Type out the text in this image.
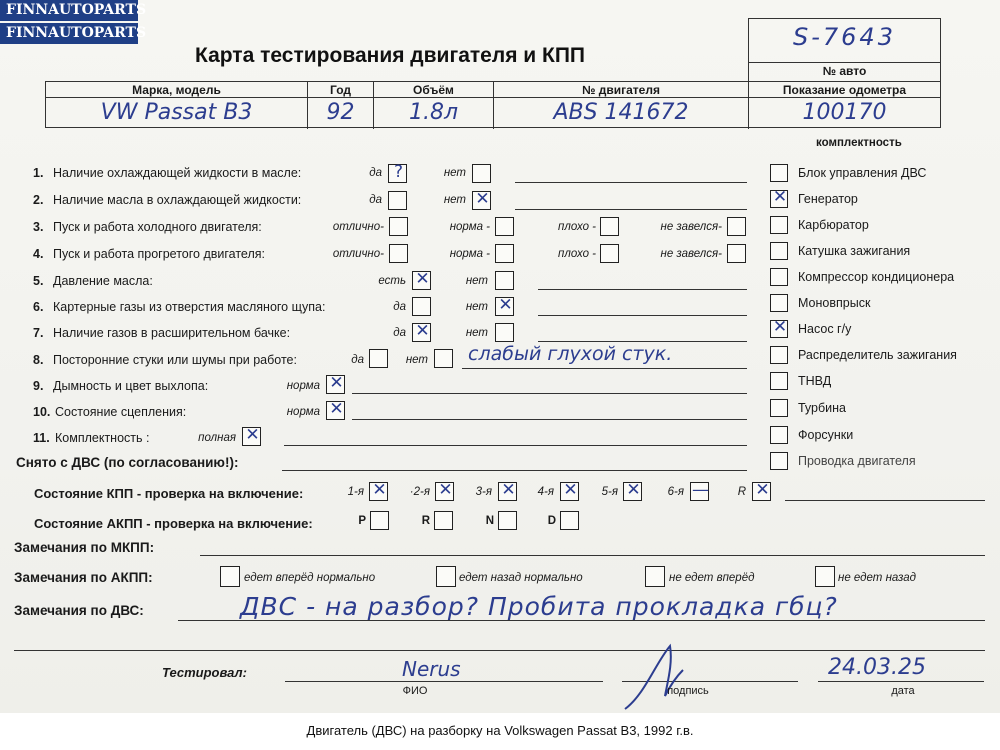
FINNAUTOPARTS
FINNAUTOPARTS
Карта тестирования двигателя и КПП
S-7643
№ авто
Марка, модель
VW Passat B3
Год
92
Объём
1.8л
№ двигателя
ABS 141672
Показание одометра
100170
комплектность
1. Наличие охлаждающей жидкости в масле:	да ?	нет
2. Наличие масла в охлаждающей жидкости:	да	нет ✕
3. Пуск и работа холодного двигателя:	отлично-	норма -	плохо -	не завелся-
4. Пуск и работа прогретого двигателя:	отлично-	норма -	плохо -	не завелся-
5. Давление масла:	есть ✕	нет
6. Картерные газы из отверстия масляного щупа:	да	нет ✕
7. Наличие газов в расширительном бачке:	да ✕	нет
8. Посторонние стуки или шумы при работе:	да	нет слабый глухой стук.
9. Дымность и цвет выхлопа:	норма ✕
10. Состояние сцепления:	норма ✕
11. Комплектность :	полная ✕
Снято с ДВС (по согласованию!):
Блок управления ДВС
✕ Генератор
Карбюратор
Катушка зажигания
Компрессор кондиционера
Моновпрыск
✕ Насос г/у
Распределитель зажигания
ТНВД
Турбина
Форсунки
Проводка двигателя
Состояние КПП - проверка на включение:	1-я ✕	·2-я ✕	3-я ✕	4-я ✕	5-я ✕	6-я —	R ✕
Состояние АКПП - проверка на включение:	P	R	N	D
Замечания по МКПП:
Замечания по АКПП:	едет вперёд нормально	едет назад нормально	не едет вперёд	не едет назад
Замечания по ДВС:	ДВС - на разбор? Пробита прокладка гбц?
Тестировал:	Nerus
ФИО	подпись
24.03.25
дата
Двигатель (ДВС) на разборку на Volkswagen Passat B3, 1992 г.в.
